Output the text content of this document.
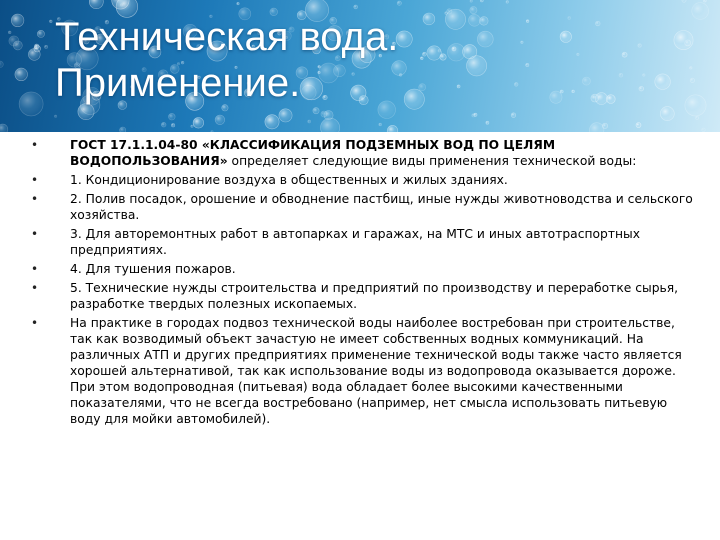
Техническая вода.
Применение.
•	ГОСТ 17.1.1.04-80 «КЛАССИФИКАЦИЯ ПОДЗЕМНЫХ ВОД ПО ЦЕЛЯМ ВОДОПОЛЬЗОВАНИЯ» определяет следующие виды применения технической воды:
•	1. Кондиционирование воздуха в общественных и жилых зданиях.
•	2. Полив посадок, орошение и обводнение пастбищ, иные нужды животноводства и сельского хозяйства.
•	3. Для авторемонтных работ в автопарках и гаражах, на МТС и иных автотраспортных предприятиях.
•	4. Для тушения пожаров.
•	5. Технические нужды строительства и предприятий по производству и переработке сырья, разработке твердых полезных ископаемых.
•	На практике в городах подвоз технической воды наиболее востребован при строительстве, так как возводимый объект зачастую не имеет собственных водных коммуникаций. На различных АТП и других предприятиях применение технической воды также часто является хорошей альтернативой, так как использование воды из водопровода оказывается дороже. При этом водопроводная (питьевая) вода обладает более высокими качественными показателями, что не всегда востребовано (например, нет смысла использовать питьевую воду для мойки автомобилей).
